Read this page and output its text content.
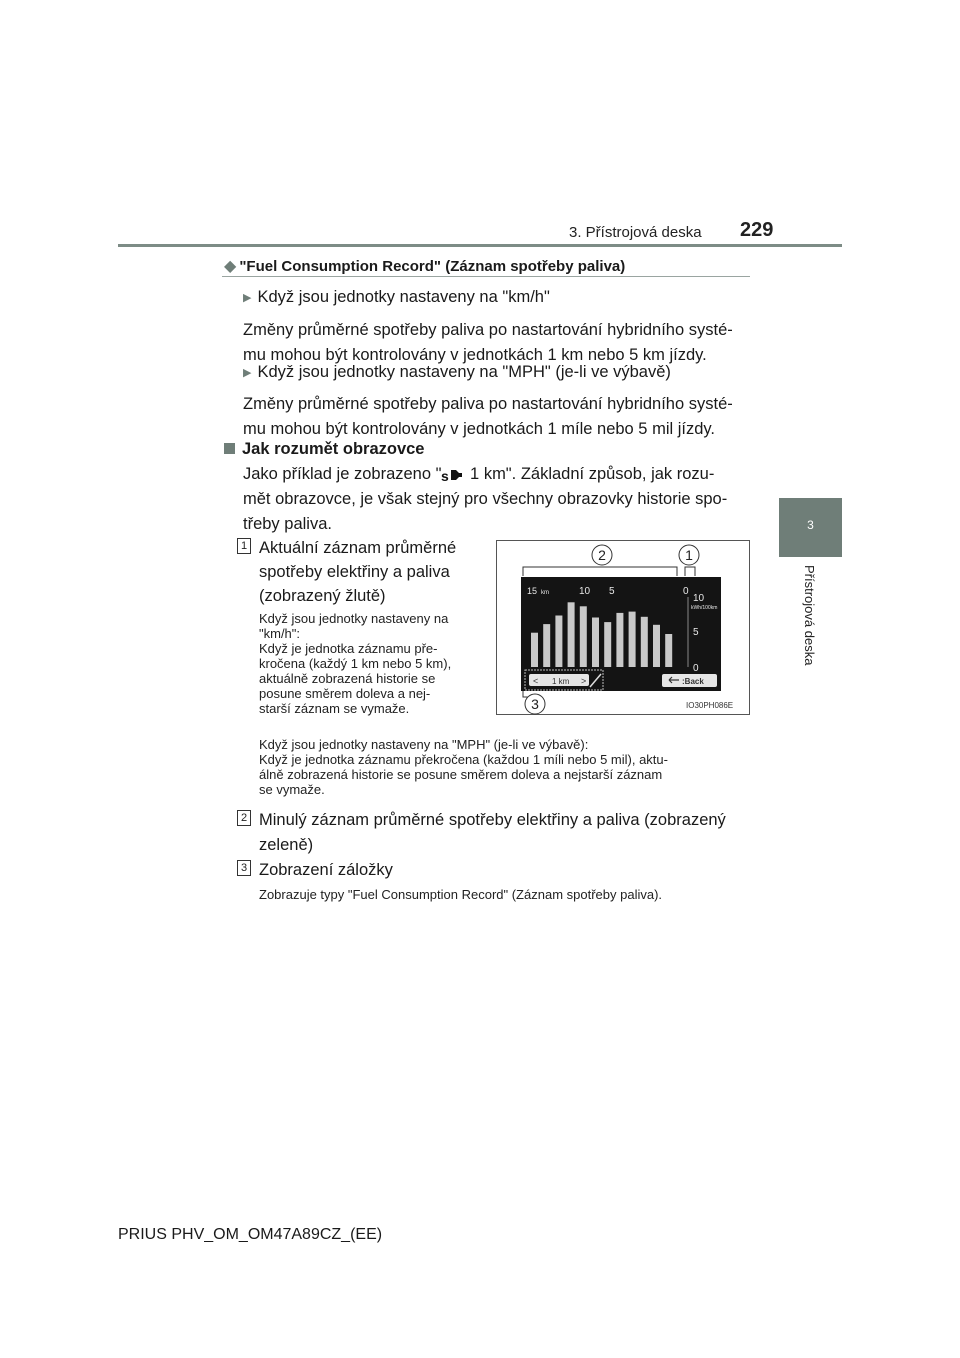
3. Přístrojová deska 229
3
Přístrojová deska
◆ "Fuel Consumption Record" (Záznam spotřeby paliva)
▶ Když jsou jednotky nastaveny na "km/h"
Změny průměrné spotřeby paliva po nastartování hybridního systé-
mu mohou být kontrolovány v jednotkách 1 km nebo 5 km jízdy.
▶ Když jsou jednotky nastaveny na "MPH" (je-li ve výbavě)
Změny průměrné spotřeby paliva po nastartování hybridního systé-
mu mohou být kontrolovány v jednotkách 1 míle nebo 5 mil jízdy.
Jak rozumět obrazovce
Jako příklad je zobrazeno " s 1 km". Základní způsob, jak rozu-
mět obrazovce, je však stejný pro všechny obrazovky historie spo-
třeby paliva.
1 Aktuální záznam průměrné
spotřeby elektřiny a paliva
(zobrazený žlutě)
Když jsou jednotky nastaveny na
"km/h":
Když je jednotka záznamu pře-
kročena (každý 1 km nebo 5 km),
aktuálně zobrazená historie se
posune směrem doleva a nej-
starší záznam se vymaže.
Když jsou jednotky nastaveny na "MPH" (je-li ve výbavě):
Když je jednotka záznamu překročena (každou 1 míli nebo 5 mil), aktu-
álně zobrazená historie se posune směrem doleva a nejstarší záznam
se vymaže.
2 Minulý záznam průměrné spotřeby elektřiny a paliva (zobrazený
zeleně)
3 Zobrazení záložky
Zobrazuje typy "Fuel Consumption Record" (Záznam spotřeby paliva).
2	1
15 km	10 5	0
10
5
0
kWh/100km
< 1 km >	:Back
3	IO30PH086E
PRIUS PHV_OM_OM47A89CZ_(EE)
